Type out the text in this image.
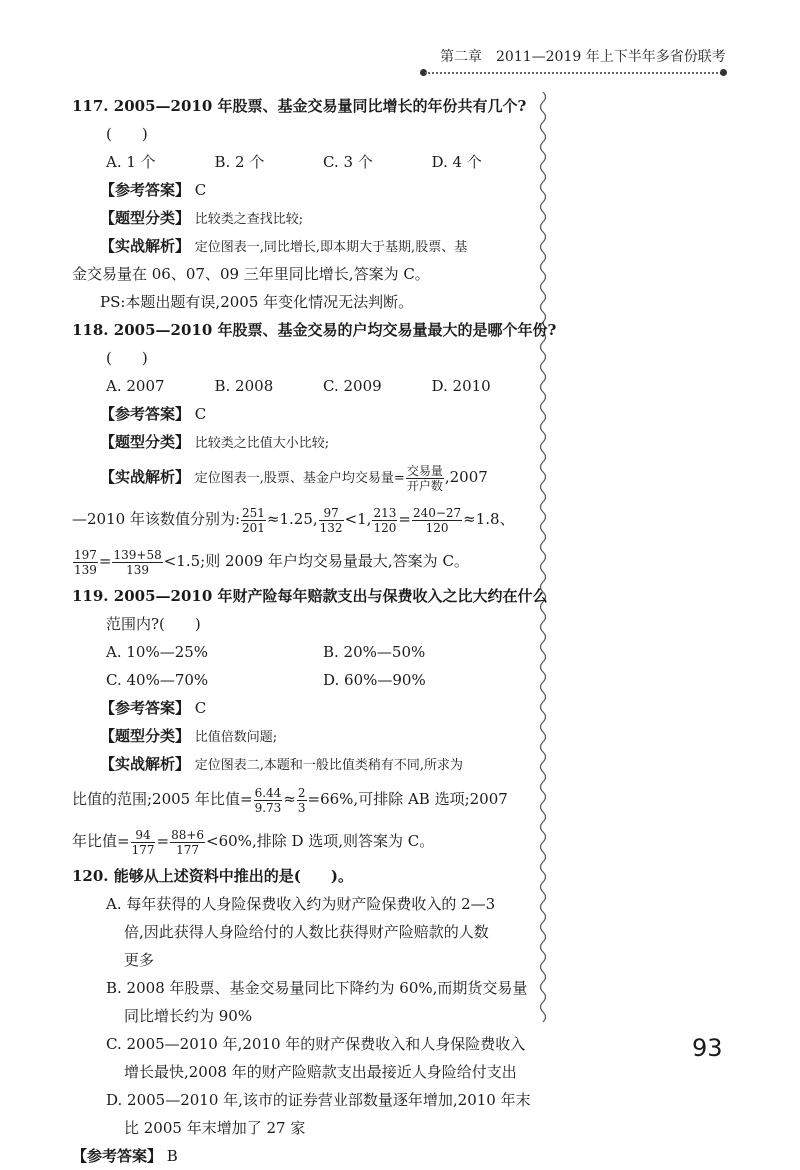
第二章　2011—2019 年上下半年多省份联考
117. 2005—2010 年股票、基金交易量同比增长的年份共有几个?
(　　)
A. 1 个	B. 2 个	C. 3 个	D. 4 个
【参考答案】 C
【题型分类】 比较类之查找比较;
【实战解析】 定位图表一,同比增长,即本期大于基期,股票、基
金交易量在 06、07、09 三年里同比增长,答案为 C。
PS:本题出题有误,2005 年变化情况无法判断。
118. 2005—2010 年股票、基金交易的户均交易量最大的是哪个年份?
(　　)
A. 2007	B. 2008	C. 2009	D. 2010
【参考答案】 C
【题型分类】 比较类之比值大小比较;
【实战解析】 定位图表一,股票、基金户均交易量= $\frac{\text{交易量}}{\text{开户数}} ,2007$
—2010 年该数值分别为: $\frac{251}{201} \approx 1.25$, $\frac{97}{132} <1$, $\frac{213}{120} = \frac{240-27}{120} \approx 1.8$、
$\frac{197}{139} = \frac{139+58}{139} <1.5$;则 2009 年户均交易量最大,答案为 C。
119. 2005—2010 年财产险每年赔款支出与保费收入之比大约在什么
范围内?(　　)
A. 10%—25%	B. 20%—50%
C. 40%—70%	D. 60%—90%
【参考答案】 C
【题型分类】 比值倍数问题;
【实战解析】 定位图表二,本题和一般比值类稍有不同,所求为
比值的范围;2005 年比值= $\frac{6.44}{9.73} \approx \frac{2}{3} =66\%$,可排除 AB 选项;2007
年比值= $\frac{94}{177} = \frac{88+6}{177} <60\%$,排除 D 选项,则答案为 C。
120. 能够从上述资料中推出的是(　　)。
A. 每年获得的人身险保费收入约为财产险保费收入的 2—3
倍,因此获得人身险给付的人数比获得财产险赔款的人数
更多
B. 2008 年股票、基金交易量同比下降约为 60%,而期货交易量
同比增长约为 90%
C. 2005—2010 年,2010 年的财产保费收入和人身保险费收入
增长最快,2008 年的财产险赔款支出最接近人身险给付支出
D. 2005—2010 年,该市的证券营业部数量逐年增加,2010 年末
比 2005 年末增加了 27 家
【参考答案】 B
93
